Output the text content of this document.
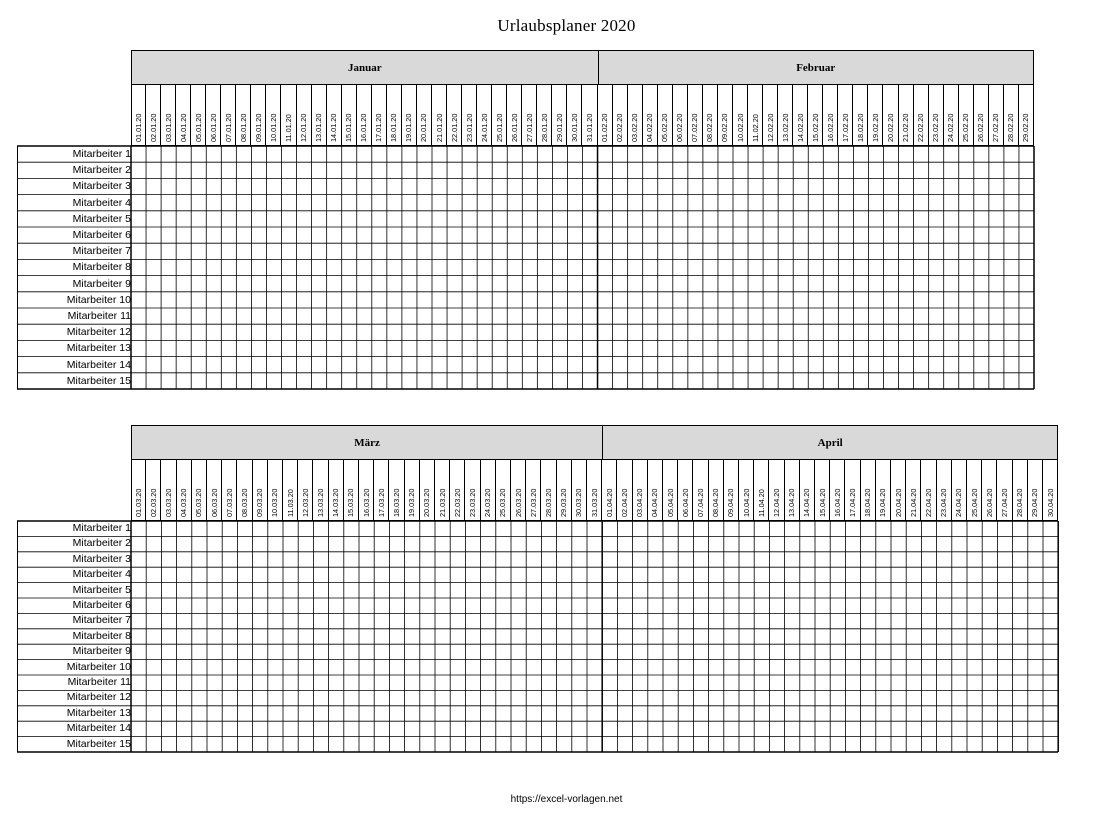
Urlaubsplaner 2020
Januar	Februar
01.01.20 02.01.20 03.01.20 04.01.20 05.01.20 06.01.20 07.01.20 08.01.20 09.01.20 10.01.20 11.01.20 12.01.20 13.01.20 14.01.20 15.01.20 16.01.20 17.01.20 18.01.20 19.01.20 20.01.20 21.01.20 22.01.20 23.01.20 24.01.20 25.01.20 26.01.20 27.01.20 28.01.20 29.01.20 30.01.20 31.01.20 01.02.20 02.02.20 03.02.20 04.02.20 05.02.20 06.02.20 07.02.20 08.02.20 09.02.20 10.02.20 11.02.20 12.02.20 13.02.20 14.02.20 15.02.20 16.02.20 17.02.20 18.02.20 19.02.20 20.02.20 21.02.20 22.02.20 23.02.20 24.02.20 25.02.20 26.02.20 27.02.20 28.02.20 29.02.20
Mitarbeiter 1
Mitarbeiter 2
Mitarbeiter 3
Mitarbeiter 4
Mitarbeiter 5
Mitarbeiter 6
Mitarbeiter 7
Mitarbeiter 8
Mitarbeiter 9
Mitarbeiter 10
Mitarbeiter 11
Mitarbeiter 12
Mitarbeiter 13
Mitarbeiter 14
Mitarbeiter 15
März	April
01.03.20 02.03.20 03.03.20 04.03.20 05.03.20 06.03.20 07.03.20 08.03.20 09.03.20 10.03.20 11.03.20 12.03.20 13.03.20 14.03.20 15.03.20 16.03.20 17.03.20 18.03.20 19.03.20 20.03.20 21.03.20 22.03.20 23.03.20 24.03.20 25.03.20 26.03.20 27.03.20 28.03.20 29.03.20 30.03.20 31.03.20 01.04.20 02.04.20 03.04.20 04.04.20 05.04.20 06.04.20 07.04.20 08.04.20 09.04.20 10.04.20 11.04.20 12.04.20 13.04.20 14.04.20 15.04.20 16.04.20 17.04.20 18.04.20 19.04.20 20.04.20 21.04.20 22.04.20 23.04.20 24.04.20 25.04.20 26.04.20 27.04.20 28.04.20 29.04.20 30.04.20
Mitarbeiter 1
Mitarbeiter 2
Mitarbeiter 3
Mitarbeiter 4
Mitarbeiter 5
Mitarbeiter 6
Mitarbeiter 7
Mitarbeiter 8
Mitarbeiter 9
Mitarbeiter 10
Mitarbeiter 11
Mitarbeiter 12
Mitarbeiter 13
Mitarbeiter 14
Mitarbeiter 15
https://excel-vorlagen.net
